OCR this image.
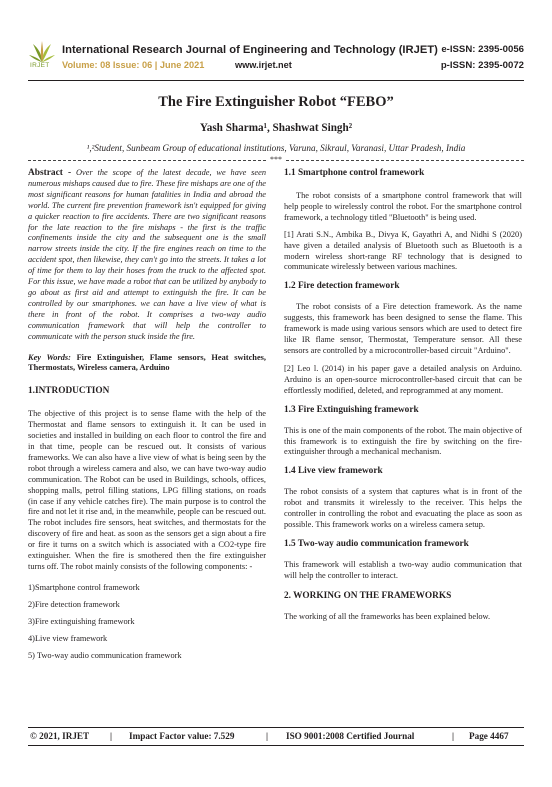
IRJET
International Research Journal of Engineering and Technology (IRJET)
Volume: 08 Issue: 06 | June 2021	www.irjet.net
e-ISSN: 2395-0056
p-ISSN: 2395-0072
The Fire Extinguisher Robot “FEBO”
Yash Sharma¹, Shashwat Singh²
¹,²Student, Sunbeam Group of educational institutions, Varuna, Sikraul, Varanasi, Uttar Pradesh, India
***

Abstract - Over the scope of the latest decade, we have seen numerous mishaps caused due to fire. These fire mishaps are one of the most significant reasons for human fatalities in India and abroad the world. The current fire prevention framework isn't equipped for giving a quicker reaction to fire accidents. There are two significant reasons for the late reaction to the fire mishaps - the first is the traffic confinements inside the city and the subsequent one is the small narrow streets inside the city. If the fire engines reach on time to the accident spot, then likewise, they can't go into the streets. It takes a lot of time for them to lay their hoses from the truck to the affected spot. For this issue, we have made a robot that can be utilized by anybody to go about as first aid and attempt to extinguish the fire. It can be controlled by our smartphones. we can have a live view of what is there in front of the robot. It comprises a two-way audio communication framework that will help the controller to communicate with the person stuck inside the fire.

Key Words: Fire Extinguisher, Flame sensors, Heat switches, Thermostats, Wireless camera, Arduino

1.INTRODUCTION

The objective of this project is to sense flame with the help of the Thermostat and flame sensors to extinguish it. It can be used in societies and installed in building on each floor to control the fire and in that time, people can be rescued out. It consists of various frameworks. We can also have a live view of what is being seen by the robot through a wireless camera and also, we can have two-way audio communication. The Robot can be used in Buildings, schools, offices, shopping malls, petrol filling stations, LPG filling stations, on roads (in case if any vehicle catches fire). The main purpose is to control the fire and not let it rise and, in the meanwhile, people can be rescued out. The robot includes fire sensors, heat switches, and thermostats for the discovery of fire and heat. as soon as the sensors get a sign about a fire or fire it turns on a switch which is associated with a CO2-type fire extinguisher. When the fire is smothered then the fire extinguisher turns off. The robot mainly consists of the following components: -

1)Smartphone control framework

2)Fire detection framework

3)Fire extinguishing framework

4)Live view framework

5) Two-way audio communication framework

1.1 Smartphone control framework

The robot consists of a smartphone control framework that will help people to wirelessly control the robot. For the smartphone control framework, a technology titled "Bluetooth" is being used.

[1] Arati S.N., Ambika B., Divya K, Gayathri A, and Nidhi S (2020) have given a detailed analysis of Bluetooth such as Bluetooth is a modern wireless short-range RF technology that is designed to communicate wirelessly between various machines.

1.2 Fire detection framework

The robot consists of a Fire detection framework. As the name suggests, this framework has been designed to sense the flame. This framework is made using various sensors which are used to detect fire like IR flame sensor, Thermostat, Temperature sensor. All these sensors are controlled by a microcontroller-based circuit "Arduino".

[2] Leo l. (2014) in his paper gave a detailed analysis on Arduino. Arduino is an open-source microcontroller-based circuit that can be effortlessly modified, deleted, and reprogrammed at any moment.

1.3 Fire Extinguishing framework

This is one of the main components of the robot. The main objective of this framework is to extinguish the fire by switching on the fire-extinguisher through a mechanical mechanism.

1.4 Live view framework

The robot consists of a system that captures what is in front of the robot and transmits it wirelessly to the receiver. This helps the controller in controlling the robot and evacuating the place as soon as possible. This framework works on a wireless camera setup.

1.5 Two-way audio communication framework

This framework will establish a two-way audio communication that will help the controller to interact.

2. WORKING ON THE FRAMEWORKS

The working of all the frameworks has been explained below.

© 2021, IRJET | Impact Factor value: 7.529	| ISO 9001:2008 Certified Journal	| Page 4467
